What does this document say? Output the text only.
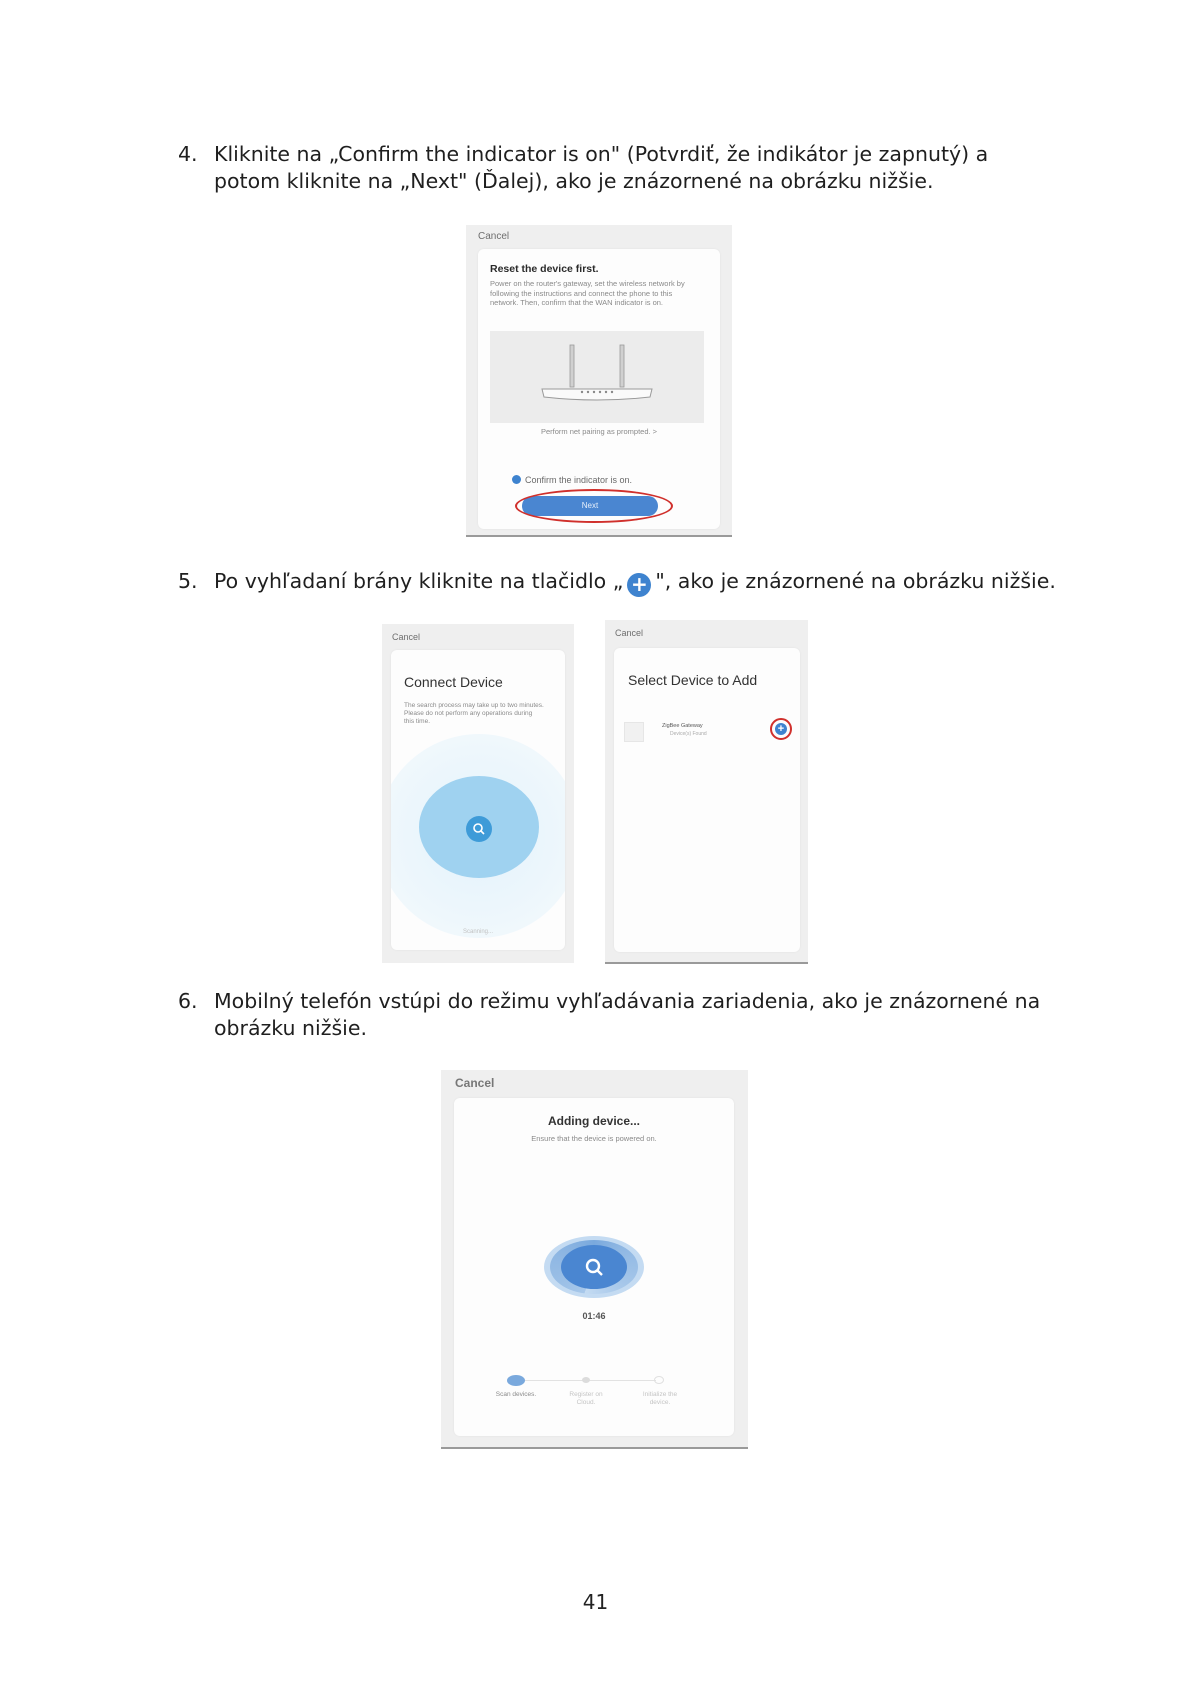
4. Kliknite na „Confirm the indicator is on" (Potvrdiť, že indikátor je zapnutý) a potom kliknite na „Next" (Ďalej), ako je znázornené na obrázku nižšie.
Cancel
Reset the device first.
Power on the router's gateway, set the wireless network by following the instructions and connect the phone to this network. Then, confirm that the WAN indicator is on.
Perform net pairing as prompted. >
Confirm the indicator is on.
Next
5. Po vyhľadaní brány kliknite na tlačidlo „ + ", ako je znázornené na obrázku nižšie.
Cancel
Connect Device
The search process may take up to two minutes. Please do not perform any operations during this time.
Scanning...
Cancel
Select Device to Add
ZigBee Gateway
Device(s) Found	+
6. Mobilný telefón vstúpi do režimu vyhľadávania zariadenia, ako je znázornené na obrázku nižšie.
Cancel
Adding device...
Ensure that the device is powered on.
01:46
Scan devices.	Register on Cloud.
Initialize the device.
41
